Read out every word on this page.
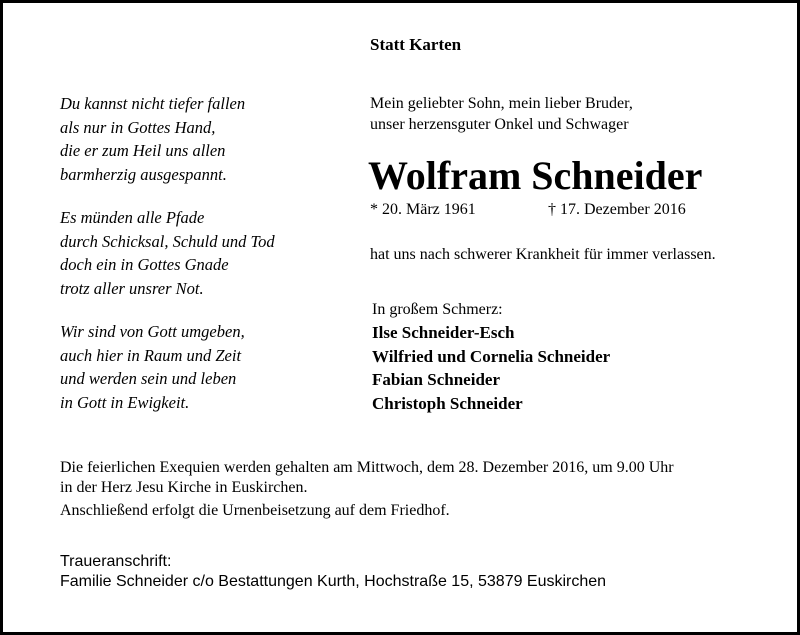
Statt Karten
Du kannst nicht tiefer fallen
als nur in Gottes Hand,
die er zum Heil uns allen
barmherzig ausgespannt.
Es münden alle Pfade
durch Schicksal, Schuld und Tod
doch ein in Gottes Gnade
trotz aller unsrer Not.
Wir sind von Gott umgeben,
auch hier in Raum und Zeit
und werden sein und leben
in Gott in Ewigkeit.
Mein geliebter Sohn, mein lieber Bruder,
unser herzensguter Onkel und Schwager
Wolfram Schneider
* 20. März 1961	† 17. Dezember 2016
hat uns nach schwerer Krankheit für immer verlassen.
In großem Schmerz:
Ilse Schneider-Esch
Wilfried und Cornelia Schneider
Fabian Schneider
Christoph Schneider
Die feierlichen Exequien werden gehalten am Mittwoch, dem 28. Dezember 2016, um 9.00 Uhr
in der Herz Jesu Kirche in Euskirchen.
Anschließend erfolgt die Urnenbeisetzung auf dem Friedhof.
Traueranschrift:
Familie Schneider c/o Bestattungen Kurth, Hochstraße 15, 53879 Euskirchen
